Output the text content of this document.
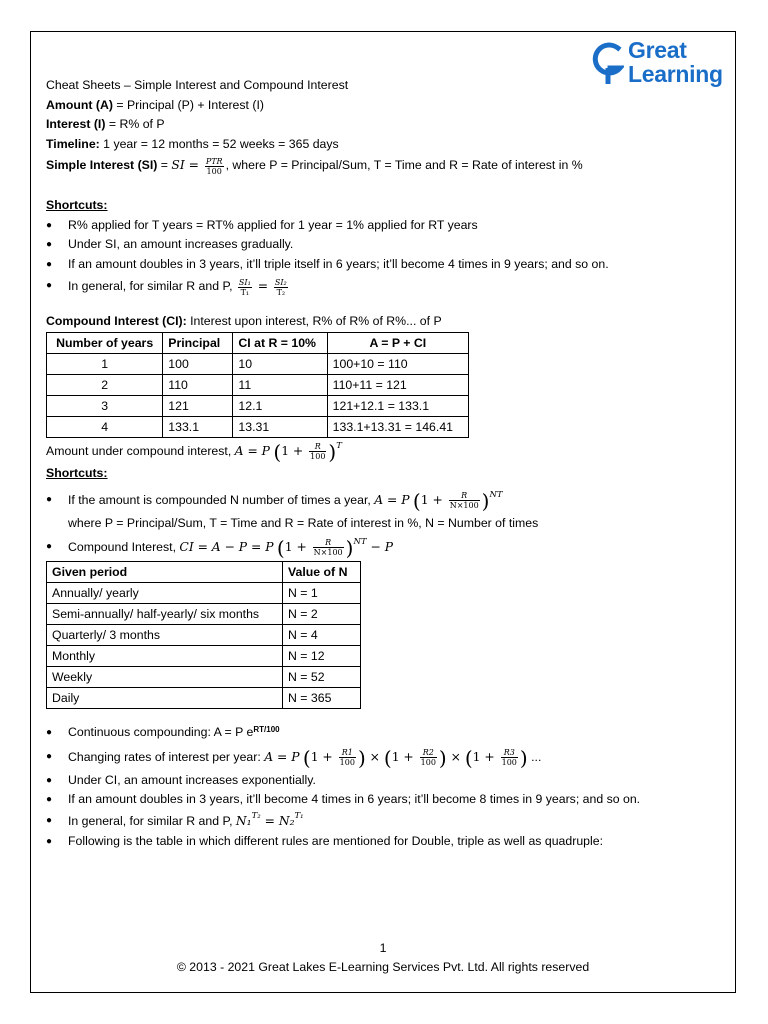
Great
Learning
Cheat Sheets – Simple Interest and Compound Interest
Amount (A) = Principal (P) + Interest (I)
Interest (I) = R% of P
Timeline: 1 year = 12 months = 52 weeks = 365 days
Simple Interest (SI) = SI = $\frac{\text{PTR}}{100}$ , where P = Principal/Sum, T = Time and R = Rate of interest in %
Shortcuts:
● R% applied for T years = RT% applied for 1 year = 1% applied for RT years
● Under SI, an amount increases gradually.
● If an amount doubles in 3 years, it’ll triple itself in 6 years; it’ll become 4 times in 9 years; and so on.
● In general, for similar R and P, $\frac{\text{SI₁}}{\text{T₁}} = \frac{\text{SI₂}}{\text{T₂}}$
Compound Interest (CI): Interest upon interest, R% of R% of R%... of P
Number of years	Principal	CI at R = 10%	A = P + CI
1	100	10	100+10 = 110
2	110	11	110+11 = 121
3	121	12.1	121+12.1 = 133.1
4	133.1	13.31	133.1+13.31 = 146.41
Amount under compound interest, A = P $(1 + \frac{R}{100} )^T$
Shortcuts:
● If the amount is compounded N number of times a year, A = P $(1 + \frac{R}{N\times 100} )^{NT}$
where P = Principal/Sum, T = Time and R = Rate of interest in %, N = Number of times
● Compound Interest, CI = A − P = P $(1 + \frac{R}{N\times 100} )^{NT} - P$
Given period	Value of N
Annually/ yearly	N = 1
Semi-annually/ half-yearly/ six months	N = 2
Quarterly/ 3 months	N = 4
Monthly	N = 12
Weekly	N = 52
Daily	N = 365
● Continuous compounding: A = P $e^{RT/100}$
● Changing rates of interest per year: A = P ($1 + \frac{R1}{100}$ ) × ($1 + \frac{R2}{100}$ ) × ($1 + \frac{R3}{100}$ ) ...
● Under CI, an amount increases exponentially.
● If an amount doubles in 3 years, it’ll become 4 times in 6 years; it’ll become 8 times in 9 years; and so on.
● In general, for similar R and P, N₁$^{T_2}$ = N₂$^{T_1}$
● Following is the table in which different rules are mentioned for Double, triple as well as quadruple:
1
© 2013 - 2021 Great Lakes E-Learning Services Pvt. Ltd. All rights reserved
